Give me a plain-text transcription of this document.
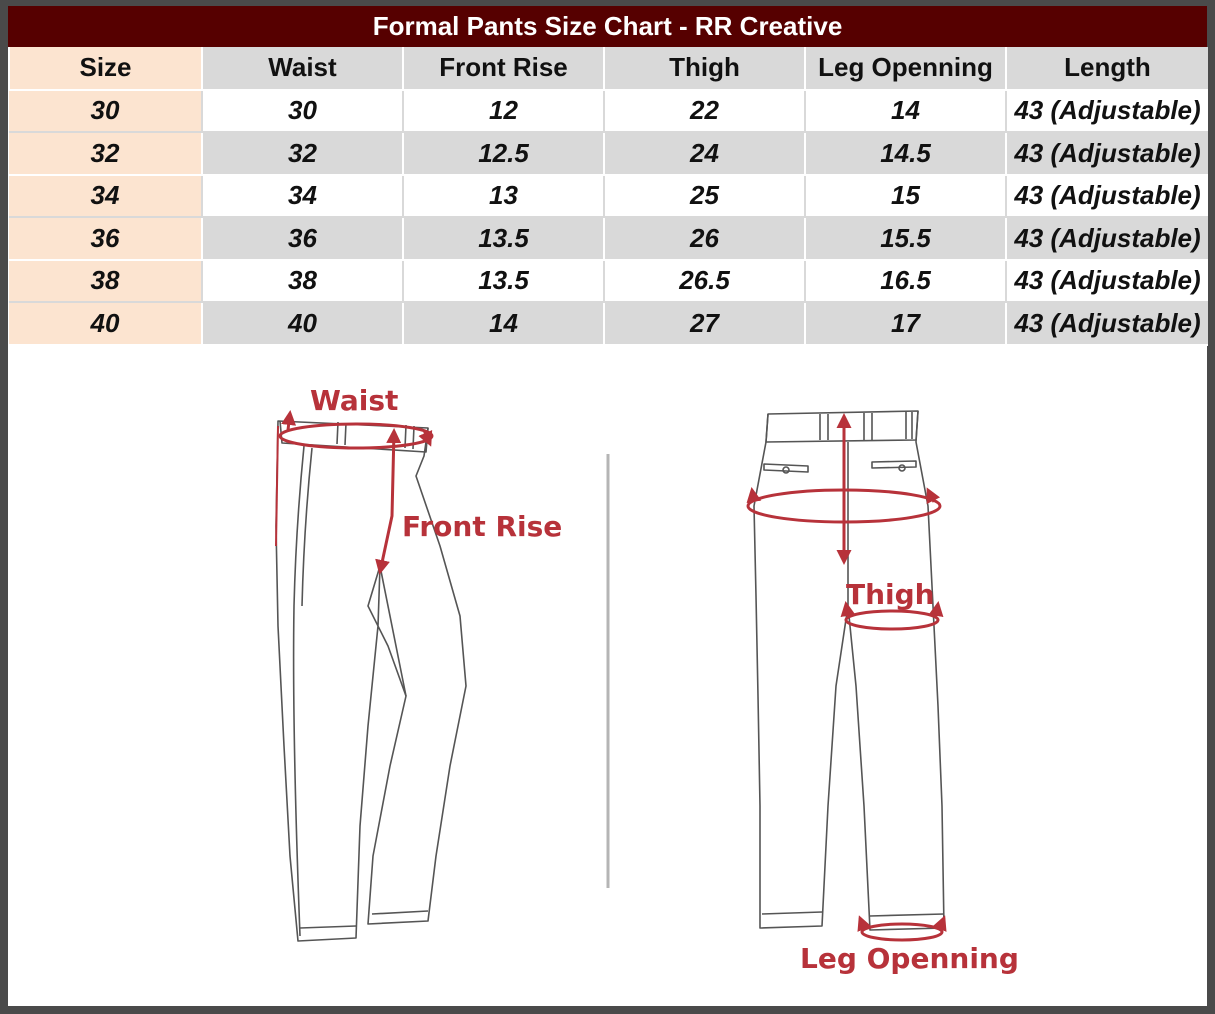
Formal Pants Size Chart - RR Creative
Size	Waist	Front Rise	Thigh	Leg Openning	Length
30	30	12	22	14	43 (Adjustable)
32	32	12.5	24	14.5	43 (Adjustable)
34	34	13	25	15	43 (Adjustable)
36	36	13.5	26	15.5	43 (Adjustable)
38	38	13.5	26.5	16.5	43 (Adjustable)
40	40	14	27	17	43 (Adjustable)
Waist
Front Rise
Thigh
Leg Openning
